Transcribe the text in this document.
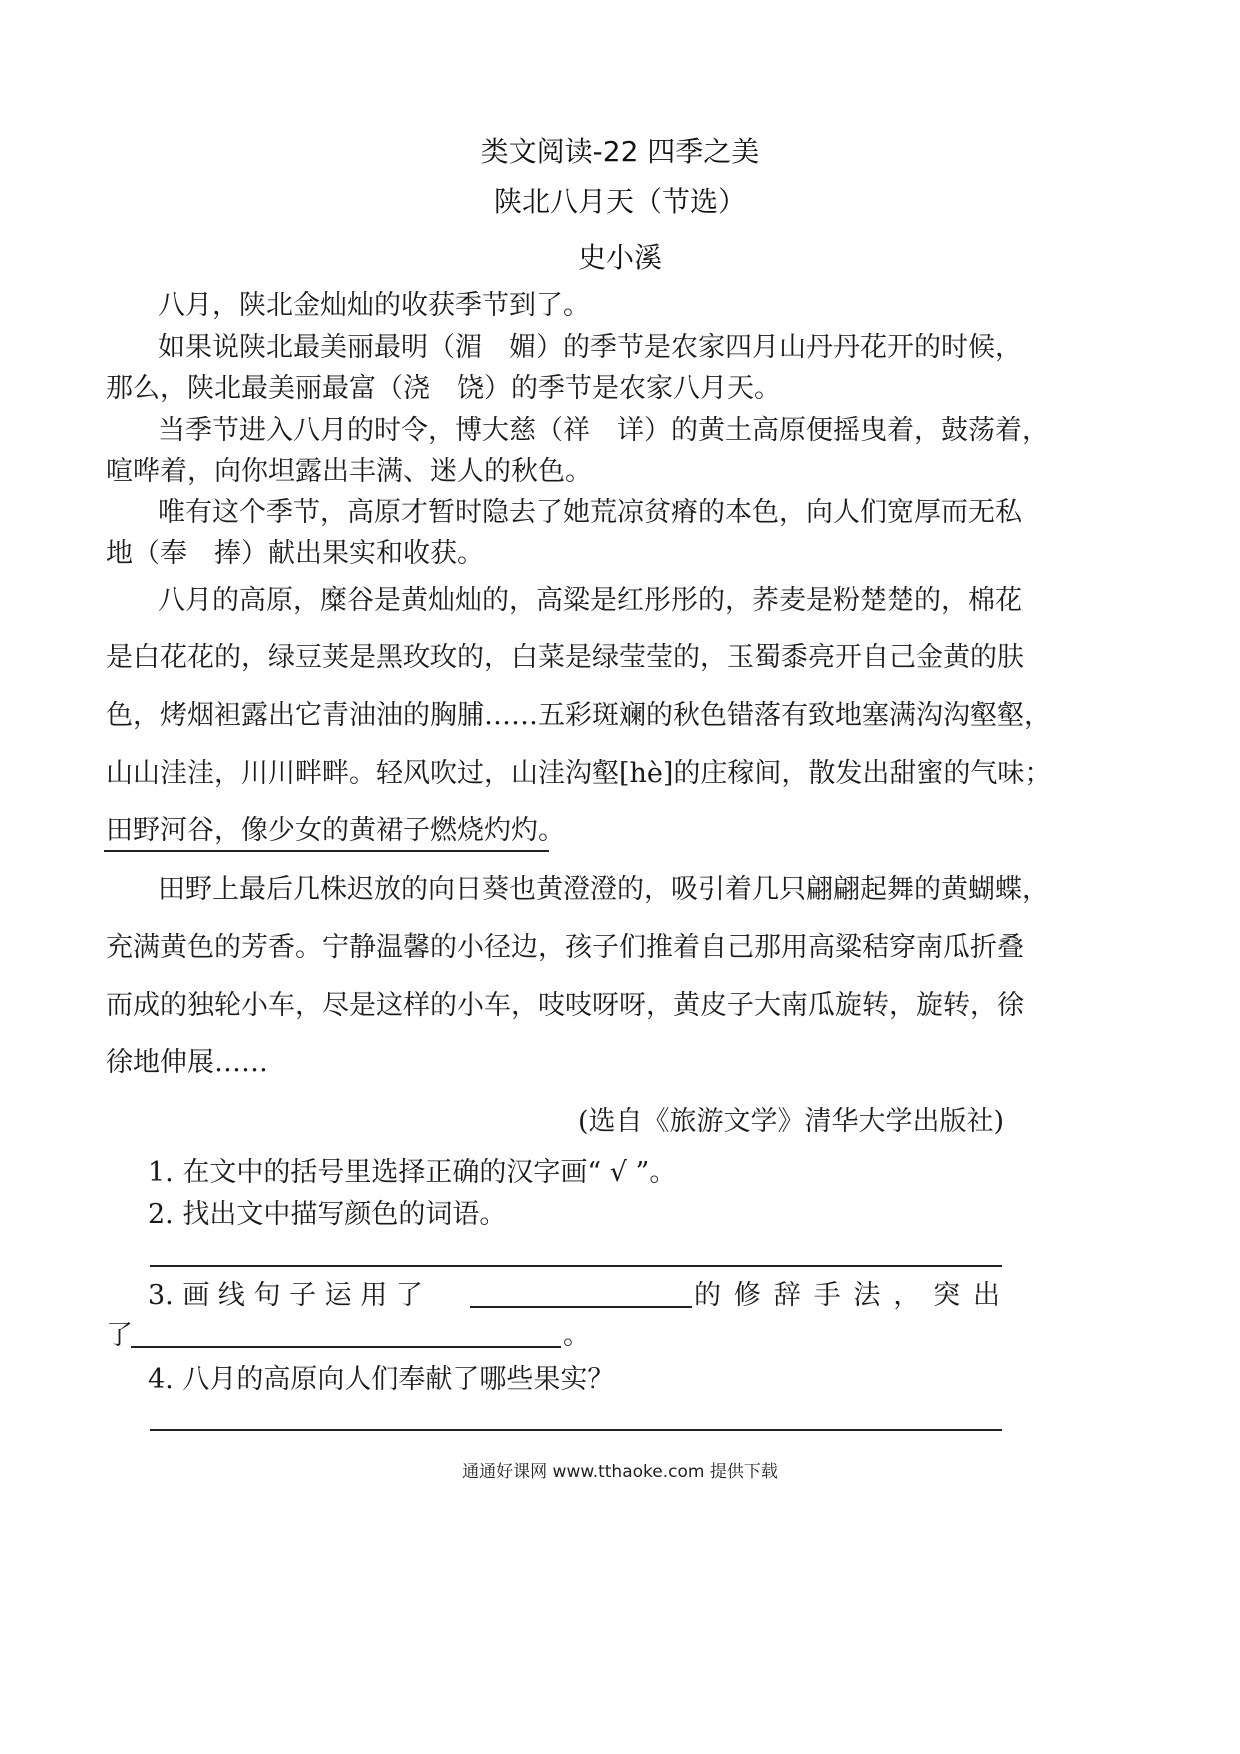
类文阅读-22 四季之美
陕北八月天（节选）
史小溪
八月，陕北金灿灿的收获季节到了。
如果说陕北最美丽最明（湄　媚）的季节是农家四月山丹丹花开的时候，
那么，陕北最美丽最富（浇　饶）的季节是农家八月天。
当季节进入八月的时令，博大慈（祥　详）的黄土高原便摇曳着，鼓荡着，
喧哗着，向你坦露出丰满、迷人的秋色。
唯有这个季节，高原才暂时隐去了她荒凉贫瘠的本色，向人们宽厚而无私
地（奉　捧）献出果实和收获。
八月的高原，糜谷是黄灿灿的，高粱是红彤彤的，荞麦是粉楚楚的，棉花
是白花花的，绿豆荚是黑玫玫的，白菜是绿莹莹的，玉蜀黍亮开自己金黄的肤
色，烤烟袒露出它青油油的胸脯……五彩斑斓的秋色错落有致地塞满沟沟壑壑，
山山洼洼，川川畔畔。轻风吹过，山洼沟壑[hè]的庄稼间，散发出甜蜜的气味；
田野河谷，像少女的黄裙子燃烧灼灼。
田野上最后几株迟放的向日葵也黄澄澄的，吸引着几只翩翩起舞的黄蝴蝶，
充满黄色的芳香。宁静温馨的小径边，孩子们推着自己那用高粱秸穿南瓜折叠
而成的独轮小车，尽是这样的小车，吱吱呀呀，黄皮子大南瓜旋转，旋转，徐
徐地伸展……
(选自《旅游文学》清华大学出版社)
1. 在文中的括号里选择正确的汉字画“ √ ”。
2. 找出文中描写颜色的词语。
3. 画 线 句 子 运 用 了	的 修 辞 手 法 ， 突 出
了	。
4. 八月的高原向人们奉献了哪些果实？
通通好课网 www.tthaoke.com 提供下载
